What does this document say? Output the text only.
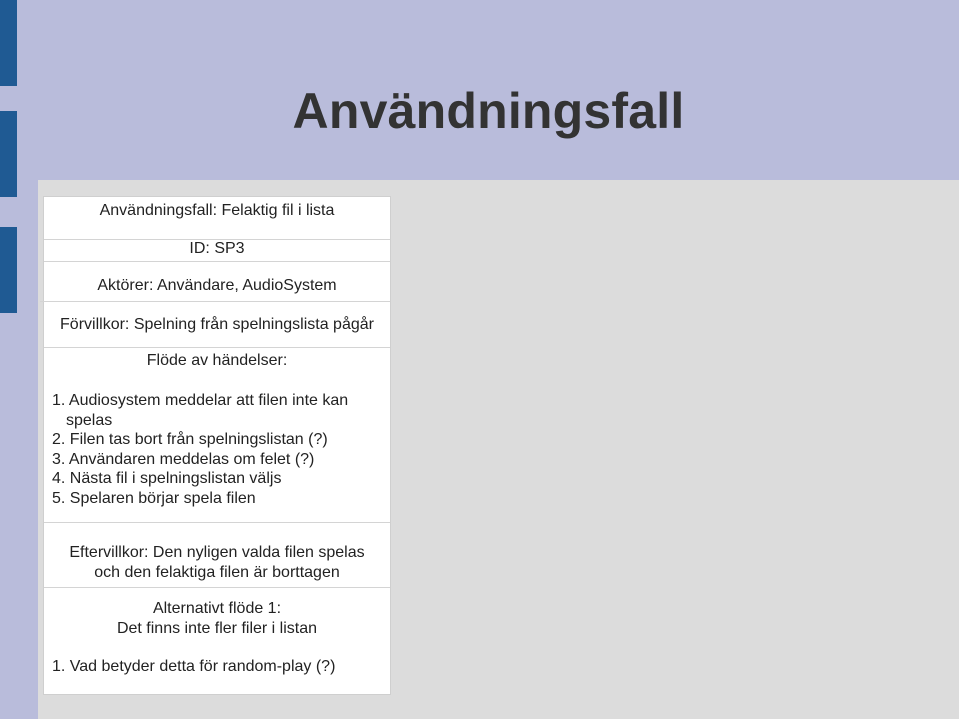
Användningsfall
Användningsfall: Felaktig fil i lista
ID: SP3
Aktörer: Användare, AudioSystem
Förvillkor: Spelning från spelningslista pågår
Flöde av händelser:
1. Audiosystem meddelar att filen inte kan spelas
2. Filen tas bort från spelningslistan (?)
3. Användaren meddelas om felet (?)
4. Nästa fil i spelningslistan väljs
5. Spelaren börjar spela filen
Eftervillkor: Den nyligen valda filen spelas
och den felaktiga filen är borttagen
Alternativt flöde 1:
Det finns inte fler filer i listan
1. Vad betyder detta för random-play (?)
